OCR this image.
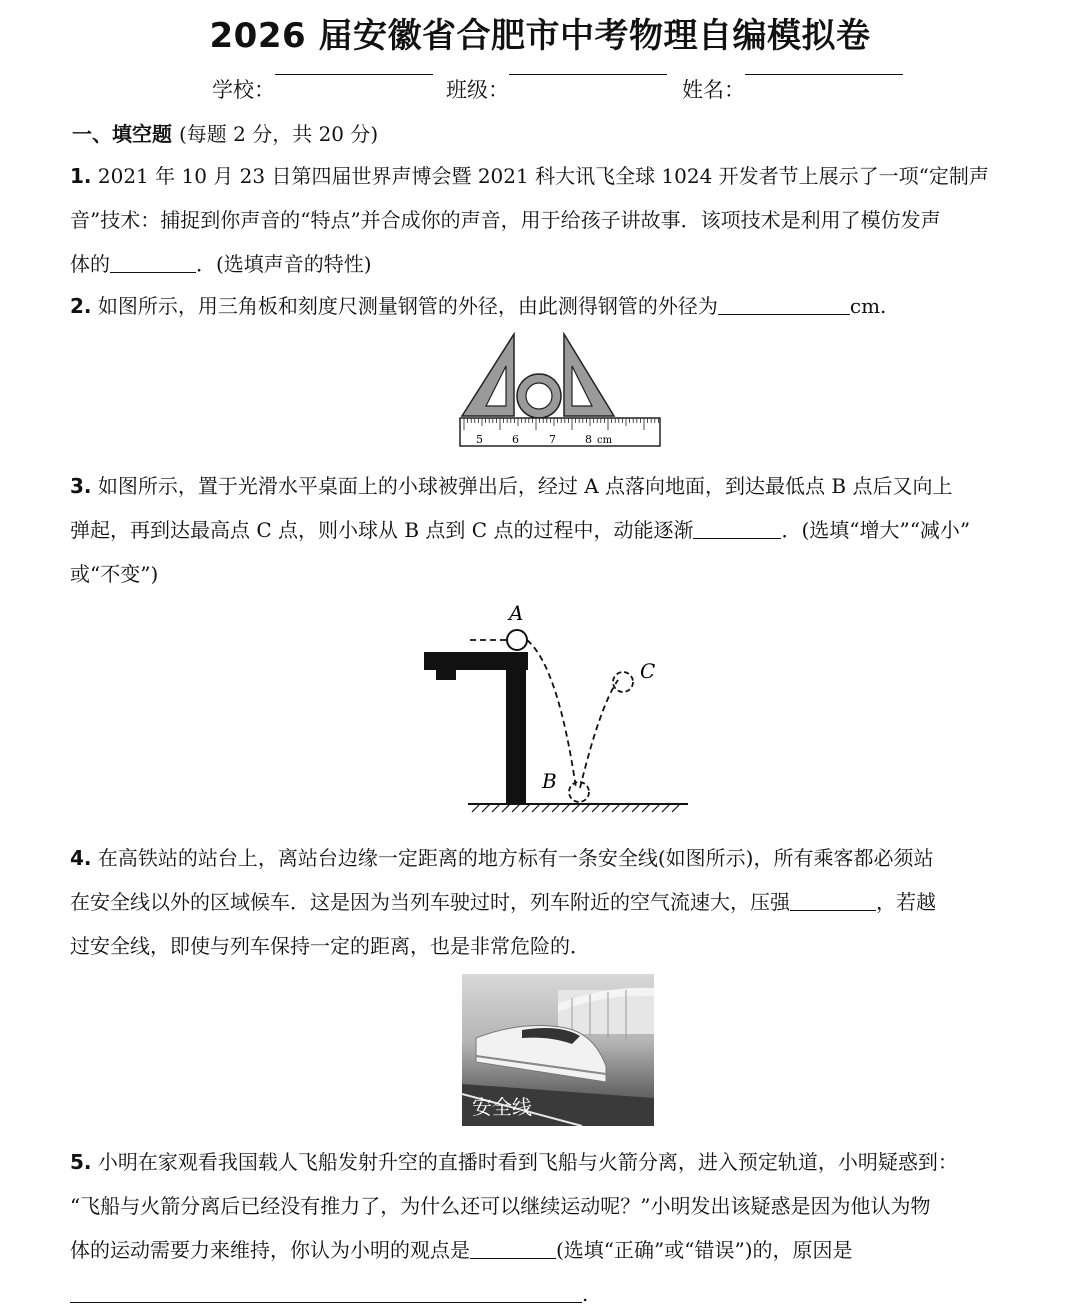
2026 届安徽省合肥市中考物理自编模拟卷
学校：	班级：	姓名：
一、填空题 (每题 2 分，共 20 分)
1. 2021 年 10 月 23 日第四届世界声博会暨 2021 科大讯飞全球 1024 开发者节上展示了一项“定制声
音”技术：捕捉到你声音的“特点”并合成你的声音，用于给孩子讲故事．该项技术是利用了模仿发声
体的	．(选填声音的特性)
2. 如图所示，用三角板和刻度尺测量钢管的外径，由此测得钢管的外径为	cm.
5	6	7	8 cm
3. 如图所示，置于光滑水平桌面上的小球被弹出后，经过 A 点落向地面，到达最低点 B 点后又向上
弹起，再到达最高点 C 点，则小球从 B 点到 C 点的过程中，动能逐渐	．(选填“增大”“减小”
或“不变”)
A
B
C
4. 在高铁站的站台上，离站台边缘一定距离的地方标有一条安全线(如图所示)，所有乘客都必须站
在安全线以外的区域候车．这是因为当列车驶过时，列车附近的空气流速大，压强	，若越
过安全线，即使与列车保持一定的距离，也是非常危险的．
安全线
5. 小明在家观看我国载人飞船发射升空的直播时看到飞船与火箭分离，进入预定轨道，小明疑惑到：
“飞船与火箭分离后已经没有推力了，为什么还可以继续运动呢？”小明发出该疑惑是因为他认为物
体的运动需要力来维持，你认为小明的观点是	(选填“正确”或“错误”)的，原因是
.
